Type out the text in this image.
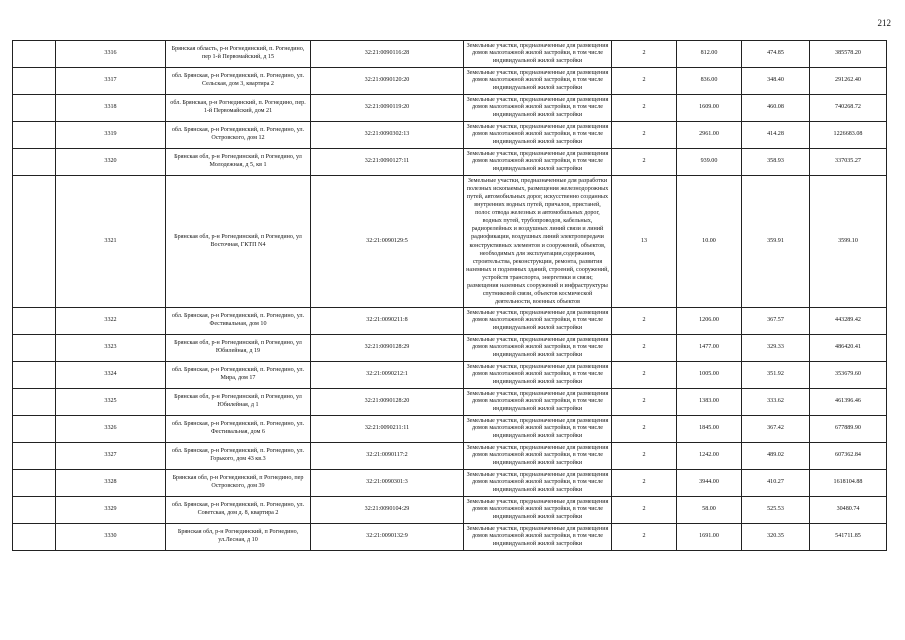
212
	3316	Брянская область, р-н Рогнединский, п. Рогнедино, пер 1-й Первомайский, д 15	32:21:0090116:28	Земельные участки, предназначенные для размещения домов малоэтажной жилой застройки, в том числе индивидуальной жилой застройки	2	812.00	474.85	385578.20
	3317	обл. Брянская, р-н Рогнединский, п. Рогнедино, ул. Сельская, дом 3, квартира 2	32:21:0090120:20	Земельные участки, предназначенные для размещения домов малоэтажной жилой застройки, в том числе индивидуальной жилой застройки	2	836.00	348.40	291262.40
	3318	обл. Брянская, р-н Рогнединский, п. Рогнедино, пер. 1-й Первомайский, дом 21	32:21:0090119:20	Земельные участки, предназначенные для размещения домов малоэтажной жилой застройки, в том числе индивидуальной жилой застройки	2	1609.00	460.08	740268.72
	3319	обл. Брянская, р-н Рогнединский, п. Рогнедино, ул. Островского, дом 12	32:21:0090302:13	Земельные участки, предназначенные для размещения домов малоэтажной жилой застройки, в том числе индивидуальной жилой застройки	2	2961.00	414.28	1226683.08
	3320	Брянская обл, р-н Рогнединский, п Рогнедино, ул Молодежная, д 5, кв 1	32:21:0090127:11	Земельные участки, предназначенные для размещения домов малоэтажной жилой застройки, в том числе индивидуальной жилой застройки	2	939.00	358.93	337035.27
	3321	Брянская обл, р-н Рогнединский, п Рогнедино, ул Восточная, ГКТП N4	32:21:0090129:5	Земельные участки, предназначенные для разработки полезных ископаемых, размещения железнодорожных путей, автомобильных дорог, искусственно созданных внутренних водных путей, причалов, пристаней, полос отвода железных и автомобильных дорог, водных путей, трубопроводов, кабельных, радиорелейных и воздушных линий связи и линий радиофикации, воздушных линий электропередачи конструктивных элементов и сооружений, объектов, необходимых для эксплуатации,содержания, строительства, реконструкции, ремонта, развития наземных и подземных зданий, строений, сооружений, устройств транспорта, энергетики и связи; размещения наземных сооружений и инфраструктуры спутниковой связи, объектов космической деятельности, военных объектов	13	10.00	359.91	3599.10
	3322	обл. Брянская, р-н Рогнединский, п. Рогнедино, ул. Фестивальная, дом 10	32:21:0090211:8	Земельные участки, предназначенные для размещения домов малоэтажной жилой застройки, в том числе индивидуальной жилой застройки	2	1206.00	367.57	443289.42
	3323	Брянская обл, р-н Рогнединский, п Рогнедино, ул Юбилейная, д 19	32:21:0090128:29	Земельные участки, предназначенные для размещения домов малоэтажной жилой застройки, в том числе индивидуальной жилой застройки	2	1477.00	329.33	486420.41
	3324	обл. Брянская, р-н Рогнединский, п. Рогнедино, ул. Мира, дом 17	32:21:0090212:1	Земельные участки, предназначенные для размещения домов малоэтажной жилой застройки, в том числе индивидуальной жилой застройки	2	1005.00	351.92	353679.60
	3325	Брянская обл, р-н Рогнединский, п Рогнедино, ул Юбилейная, д 1	32:21:0090128:20	Земельные участки, предназначенные для размещения домов малоэтажной жилой застройки, в том числе индивидуальной жилой застройки	2	1383.00	333.62	461396.46
	3326	обл. Брянская, р-н Рогнединский, п. Рогнедино, ул. Фестивальная, дом 6	32:21:0090211:11	Земельные участки, предназначенные для размещения домов малоэтажной жилой застройки, в том числе индивидуальной жилой застройки	2	1845.00	367.42	677889.90
	3327	обл. Брянская, р-н Рогнединский, п. Рогнедино, ул. Горького, дом 43 кв.3	32:21:0090117:2	Земельные участки, предназначенные для размещения домов малоэтажной жилой застройки, в том числе индивидуальной жилой застройки	2	1242.00	489.02	607362.84
	3328	Брянская обл, р-н Рогнединский, п Рогнедино, пер Островского, дом 39	32:21:0090301:3	Земельные участки, предназначенные для размещения домов малоэтажной жилой застройки, в том числе индивидуальной жилой застройки	2	3944.00	410.27	1618104.88
	3329	обл. Брянская, р-н Рогнединский, п. Рогнедино, ул. Советская, дом д. 8, квартира 2	32:21:0090104:29	Земельные участки, предназначенные для размещения домов малоэтажной жилой застройки, в том числе индивидуальной жилой застройки	2	58.00	525.53	30480.74
	3330	Брянская обл, р-н Рогнединский, п Рогнедино, ул.Лесная, д 10	32:21:0090132:9	Земельные участки, предназначенные для размещения домов малоэтажной жилой застройки, в том числе индивидуальной жилой застройки	2	1691.00	320.35	541711.85
